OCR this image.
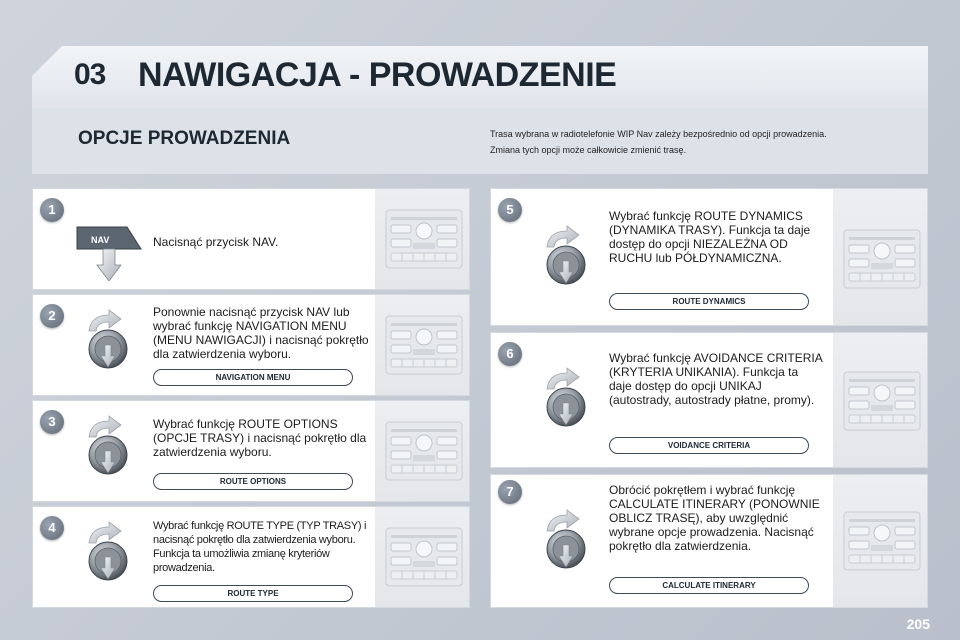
03 NAWIGACJA - PROWADZENIE
OPCJE PROWADZENIA	Trasa wybrana w radiotelefonie WIP Nav zależy bezpośrednio od opcji prowadzenia.
Zmiana tych opcji może całkowicie zmienić trasę.
NAV	Nacisnąć przycisk NAV.
1
Ponownie nacisnąć przycisk NAV lub wybrać funkcję NAVIGATION MENU (MENU NAWIGACJI) i nacisnąć pokrętło dla zatwierdzenia wyboru.
NAVIGATION MENU
2
Wybrać funkcję ROUTE OPTIONS (OPCJE TRASY) i nacisnąć pokrętło dla zatwierdzenia wyboru.
ROUTE OPTIONS
3
Wybrać funkcję ROUTE TYPE (TYP TRASY) i nacisnąć pokrętło dla zatwierdzenia wyboru. Funkcja ta umożliwia zmianę kryteriów prowadzenia.
ROUTE TYPE
4
Wybrać funkcję ROUTE DYNAMICS (DYNAMIKA TRASY). Funkcja ta daje dostęp do opcji NIEZALEŻNA OD RUCHU lub PÓŁDYNAMICZNA.
ROUTE DYNAMICS
5
Wybrać funkcję AVOIDANCE CRITERIA (KRYTERIA UNIKANIA). Funkcja ta daje dostęp do opcji UNIKAJ (autostrady, autostrady płatne, promy).
VOIDANCE CRITERIA
6
Obrócić pokrętłem i wybrać funkcję CALCULATE ITINERARY (PONOWNIE OBLICZ TRASĘ), aby uwzględnić wybrane opcje prowadzenia. Nacisnąć pokrętło dla zatwierdzenia.
CALCULATE ITINERARY
7
205
